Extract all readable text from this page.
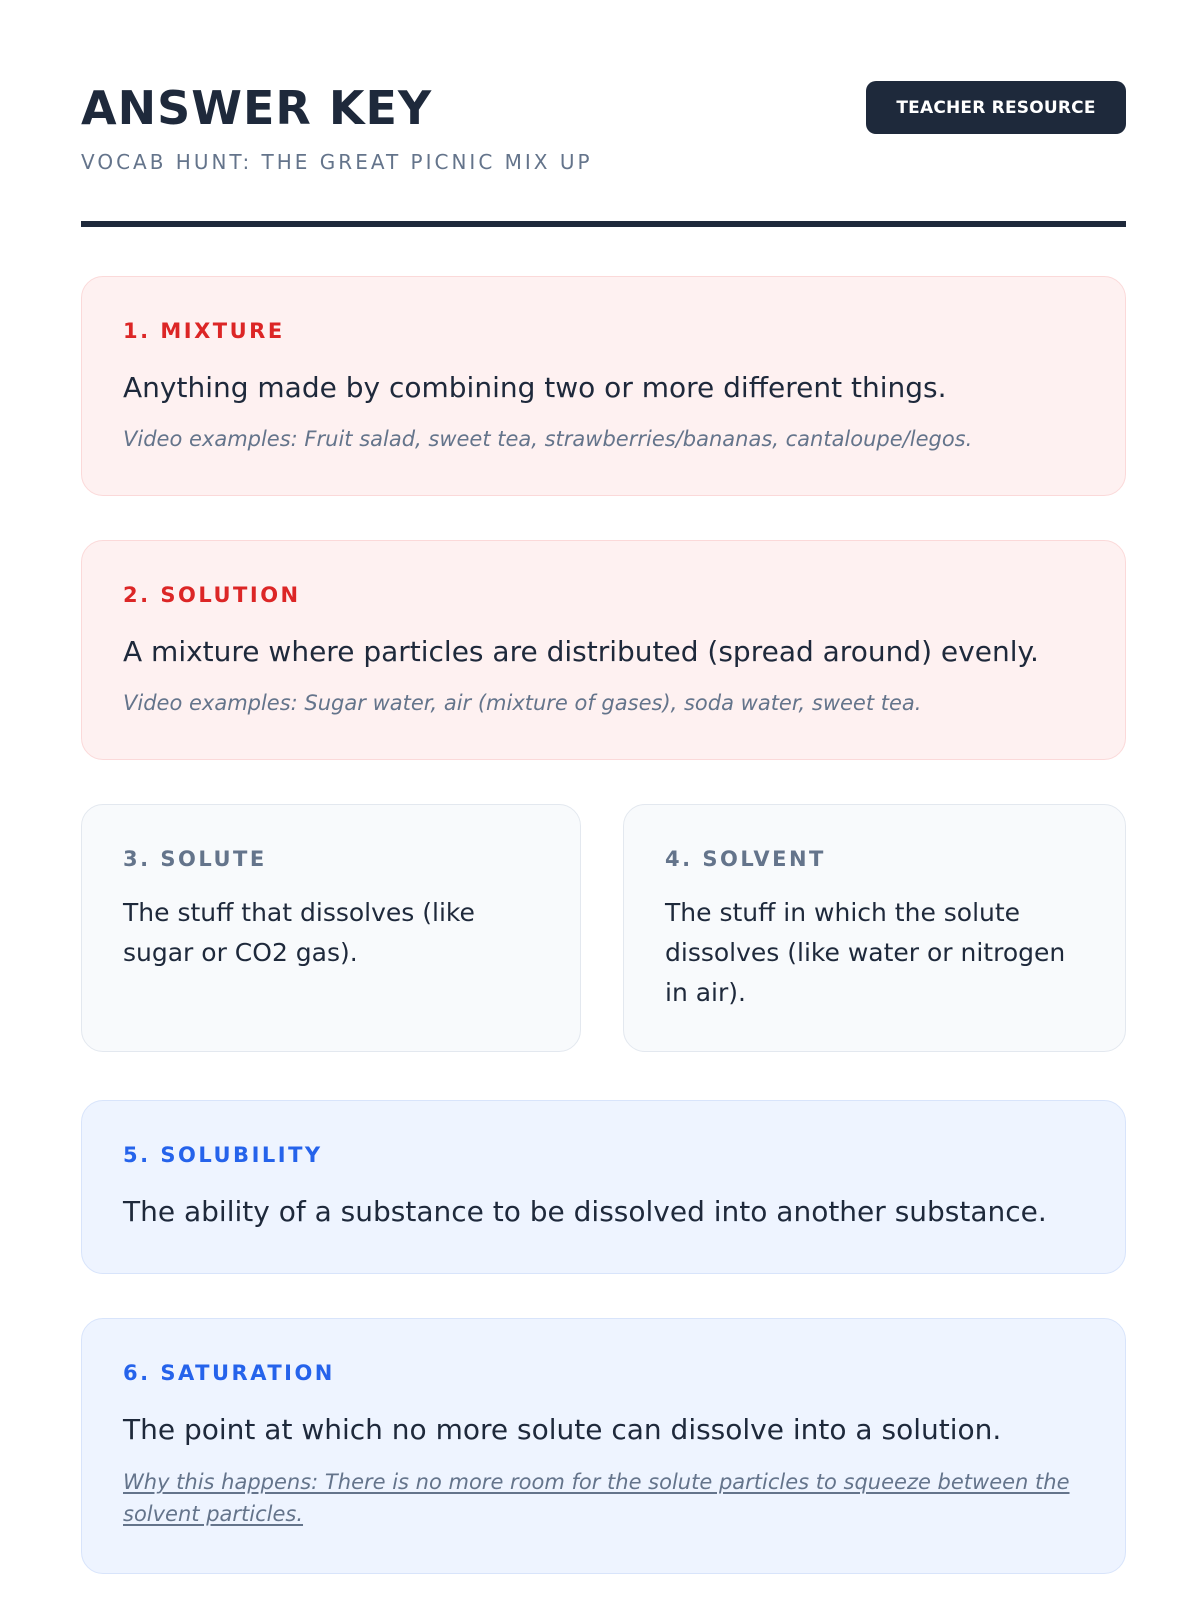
ANSWER KEY

VOCAB HUNT: THE GREAT PICNIC MIX UP

TEACHER RESOURCE

1. MIXTURE

Anything made by combining two or more different things.

Video examples: Fruit salad, sweet tea, strawberries/bananas, cantaloupe/legos.

2. SOLUTION

A mixture where particles are distributed (spread around) evenly.

Video examples: Sugar water, air (mixture of gases), soda water, sweet tea.

3. SOLUTE

The stuff that dissolves (like sugar or CO2 gas).

4. SOLVENT

The stuff in which the solute dissolves (like water or nitrogen in air).

5. SOLUBILITY

The ability of a substance to be dissolved into another substance.

6. SATURATION

The point at which no more solute can dissolve into a solution.

Why this happens: There is no more room for the solute particles to squeeze between the solvent particles.
